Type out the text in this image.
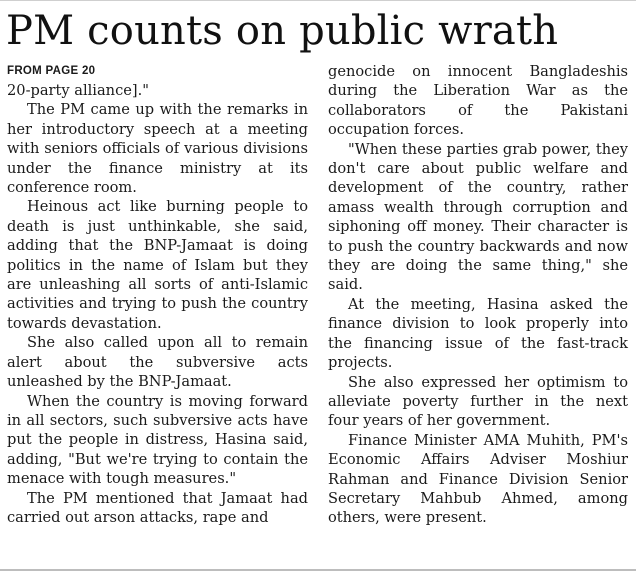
PM counts on public wrath

FROM PAGE 20

20-party alliance]."

The PM came up with the remarks in her introductory speech at a meeting with seniors officials of various divisions under the finance ministry at its conference room.

Heinous act like burning people to death is just unthinkable, she said, adding that the BNP-Jamaat is doing politics in the name of Islam but they are unleashing all sorts of anti-Islamic activities and trying to push the country towards devastation.

She also called upon all to remain alert about the subversive acts unleashed by the BNP-Jamaat.

When the country is moving forward in all sectors, such subversive acts have put the people in distress, Hasina said, adding, "But we're trying to contain the menace with tough measures."

The PM mentioned that Jamaat had carried out arson attacks, rape and

genocide on innocent Bangladeshis during the Liberation War as the collaborators of the Pakistani occupation forces.

"When these parties grab power, they don't care about public welfare and development of the country, rather amass wealth through corruption and siphoning off money. Their character is to push the country backwards and now they are doing the same thing," she said.

At the meeting, Hasina asked the finance division to look properly into the financing issue of the fast-track projects.

She also expressed her optimism to alleviate poverty further in the next four years of her government.

Finance Minister AMA Muhith, PM's Economic Affairs Adviser Moshiur Rahman and Finance Division Senior Secretary Mahbub Ahmed, among others, were present.
